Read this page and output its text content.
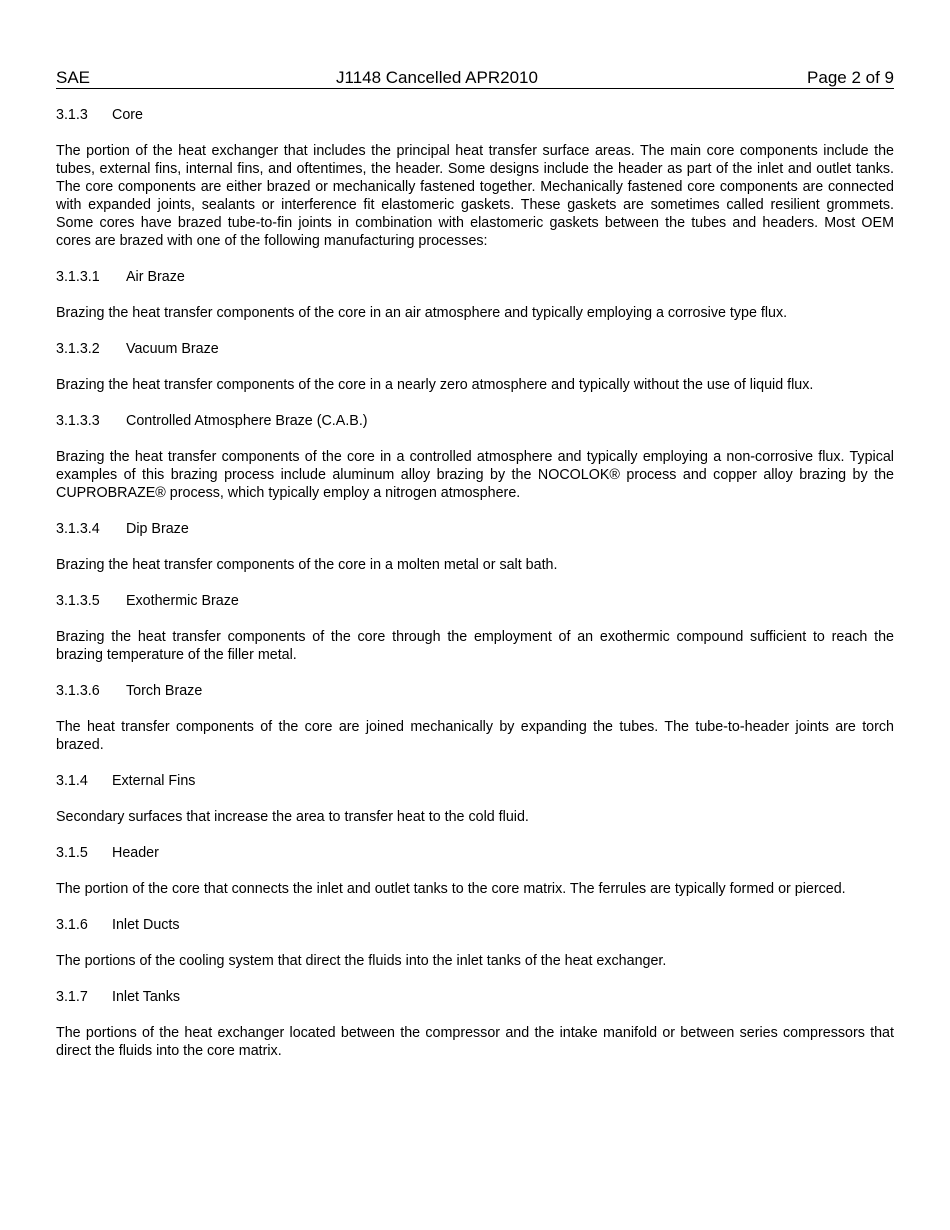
SAE	J1148 Cancelled APR2010	Page 2 of 9
3.1.3 Core

The portion of the heat exchanger that includes the principal heat transfer surface areas. The main core components include the tubes, external fins, internal fins, and oftentimes, the header. Some designs include the header as part of the inlet and outlet tanks. The core components are either brazed or mechanically fastened together. Mechanically fastened core components are connected with expanded joints, sealants or interference fit elastomeric gaskets. These gaskets are sometimes called resilient grommets. Some cores have brazed tube-to-fin joints in combination with elastomeric gaskets between the tubes and headers. Most OEM cores are brazed with one of the following manufacturing processes:

3.1.3.1 Air Braze

Brazing the heat transfer components of the core in an air atmosphere and typically employing a corrosive type flux.

3.1.3.2 Vacuum Braze

Brazing the heat transfer components of the core in a nearly zero atmosphere and typically without the use of liquid flux.

3.1.3.3 Controlled Atmosphere Braze (C.A.B.)

Brazing the heat transfer components of the core in a controlled atmosphere and typically employing a non-corrosive flux. Typical examples of this brazing process include aluminum alloy brazing by the NOCOLOK® process and copper alloy brazing by the CUPROBRAZE® process, which typically employ a nitrogen atmosphere.

3.1.3.4 Dip Braze

Brazing the heat transfer components of the core in a molten metal or salt bath.

3.1.3.5 Exothermic Braze

Brazing the heat transfer components of the core through the employment of an exothermic compound sufficient to reach the brazing temperature of the filler metal.

3.1.3.6 Torch Braze

The heat transfer components of the core are joined mechanically by expanding the tubes. The tube-to-header joints are torch brazed.

3.1.4 External Fins

Secondary surfaces that increase the area to transfer heat to the cold fluid.

3.1.5 Header

The portion of the core that connects the inlet and outlet tanks to the core matrix. The ferrules are typically formed or pierced.

3.1.6 Inlet Ducts

The portions of the cooling system that direct the fluids into the inlet tanks of the heat exchanger.

3.1.7 Inlet Tanks

The portions of the heat exchanger located between the compressor and the intake manifold or between series compressors that direct the fluids into the core matrix.
